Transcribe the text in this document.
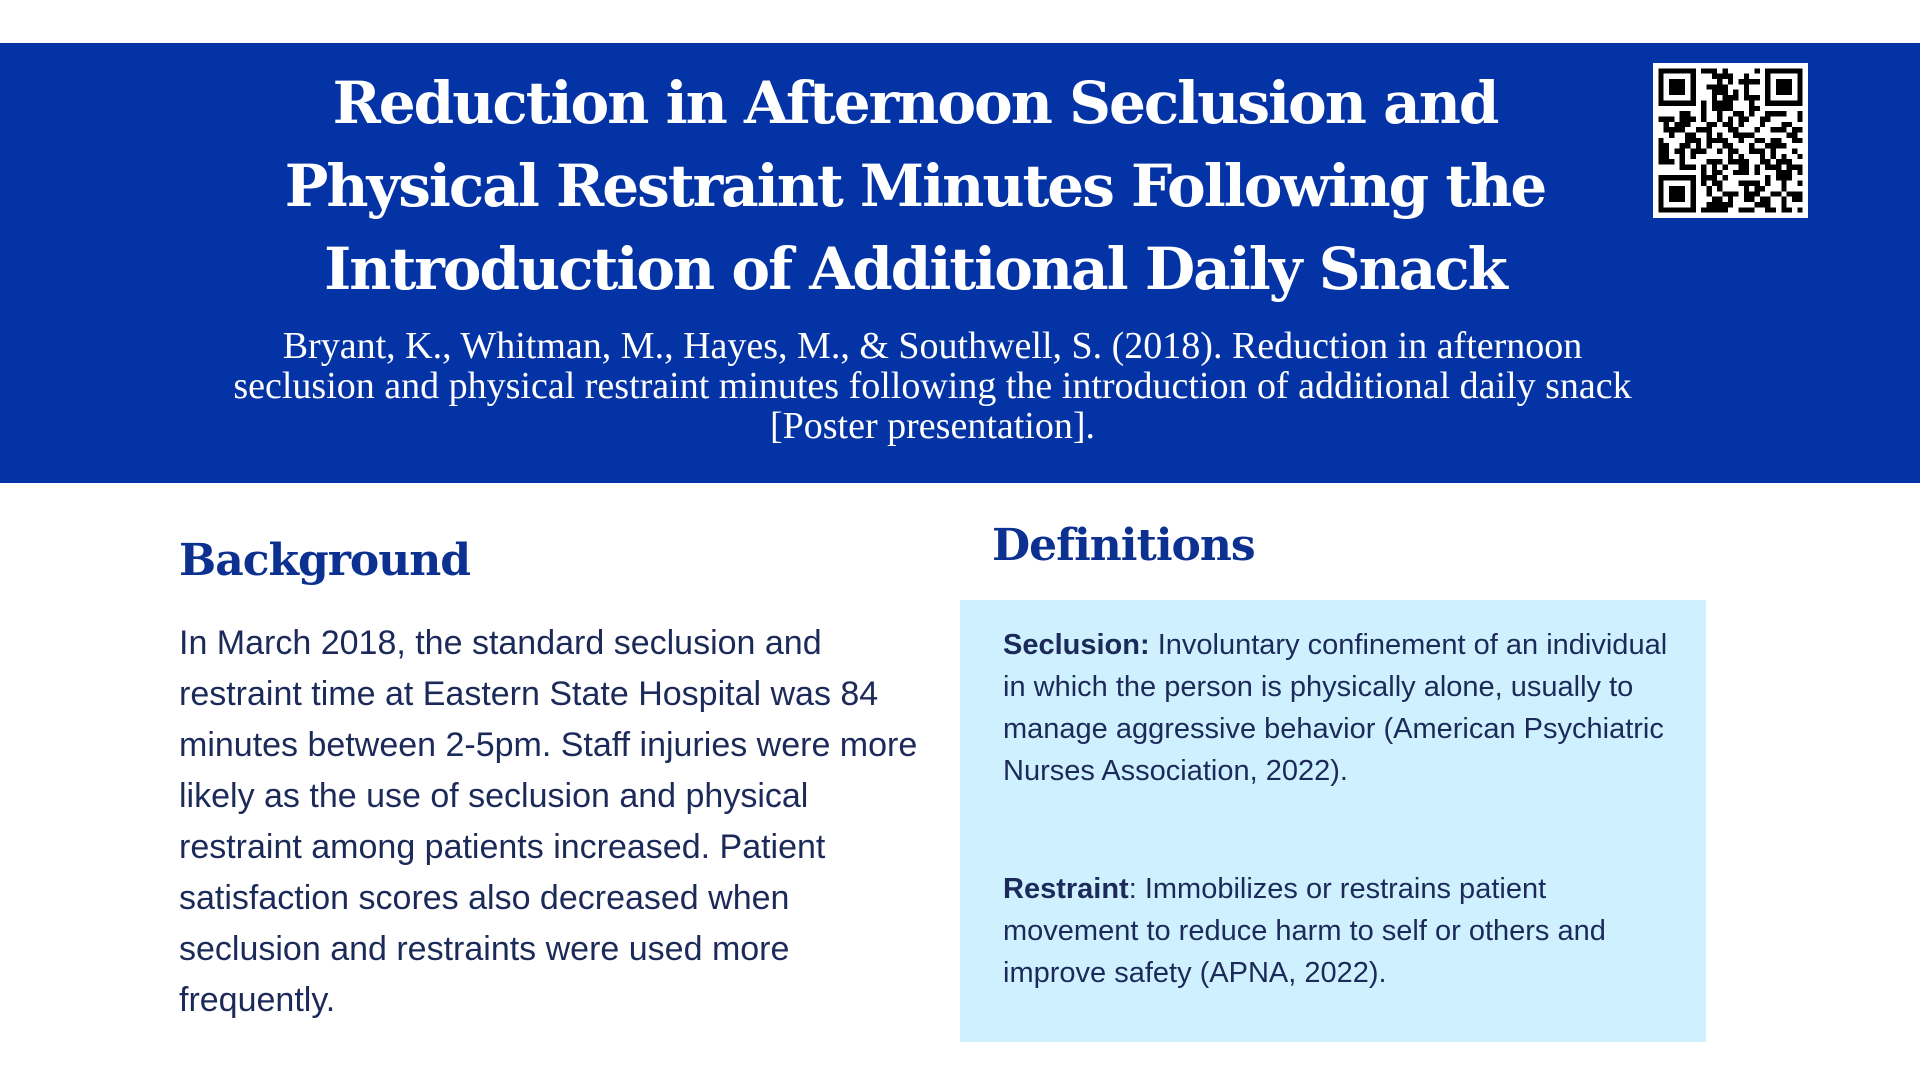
Reduction in Afternoon Seclusion and Physical Restraint Minutes Following the Introduction of Additional Daily Snack

Bryant, K., Whitman, M., Hayes, M., & Southwell, S. (2018). Reduction in afternoon seclusion and physical restraint minutes following the introduction of additional daily snack [Poster presentation].

Background

In March 2018, the standard seclusion and restraint time at Eastern State Hospital was 84 minutes between 2-5pm. Staff injuries were more likely as the use of seclusion and physical restraint among patients increased. Patient satisfaction scores also decreased when seclusion and restraints were used more frequently.

Definitions

Seclusion: Involuntary confinement of an individual in which the person is physically alone, usually to manage aggressive behavior (American Psychiatric Nurses Association, 2022).

Restraint: Immobilizes or restrains patient movement to reduce harm to self or others and improve safety (APNA, 2022).
